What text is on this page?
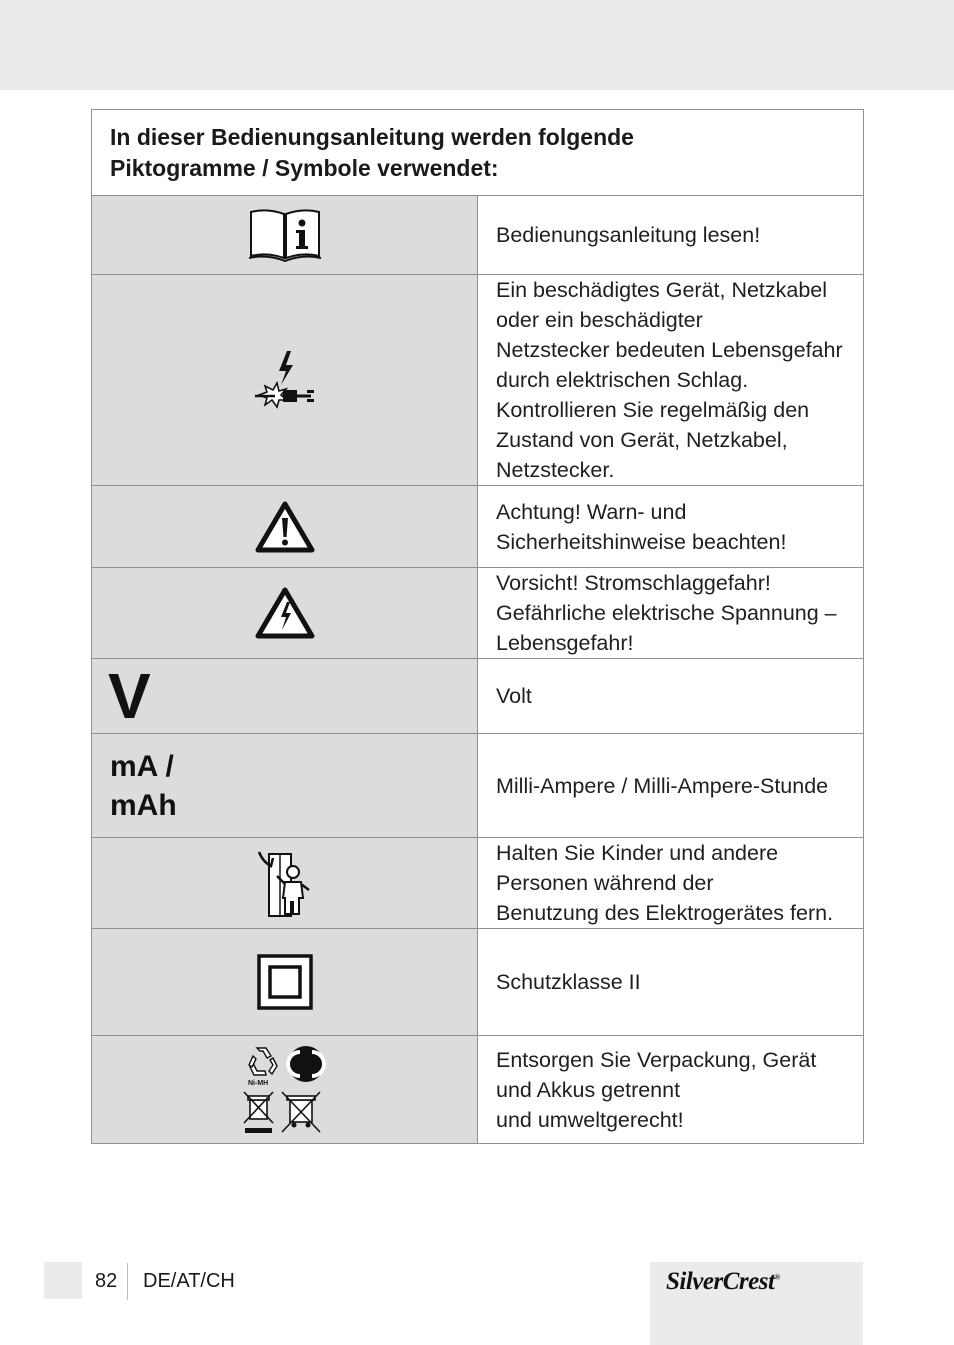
In dieser Bedienungsanleitung werden folgende
Piktogramme / Symbole verwendet:	

Bedienungsanleitung lesen!

Ein beschädigtes Gerät, Netzkabel oder ein beschädigter
Netzstecker bedeuten Lebensgefahr durch elektrischen Schlag.
Kontrollieren Sie regelmäßig den Zustand von Gerät, Netzkabel,
Netzstecker.

Achtung! Warn- und Sicherheitshinweise beachten!

Vorsicht! Stromschlaggefahr!
Gefährliche elektrische Spannung – Lebensgefahr!

V	Volt

mA /
mAh	Milli-Ampere / Milli-Ampere-Stunde

Halten Sie Kinder und andere Personen während der
Benutzung des Elektrogerätes fern.

Schutzklasse II

Ni-MH	Entsorgen Sie Verpackung, Gerät und Akkus getrennt
und umweltgerecht!
82 DE/AT/CH	SilverCrest®
